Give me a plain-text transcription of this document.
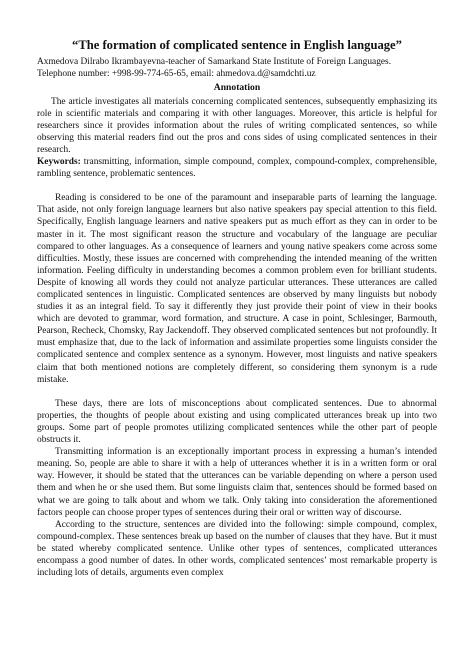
“The formation of complicated sentence in English language”
Axmedova Dilrabo Ikrambayevna-teacher of Samarkand State Institute of Foreign Languages.
Telephone number: +998-99-774-65-65, email: ahmedova.d@samdchti.uz
Annotation

The article investigates all materials concerning complicated sentences, subsequently emphasizing its role in scientific materials and comparing it with other languages. Moreover, this article is helpful for researchers since it provides information about the rules of writing complicated sentences, so while observing this material readers find out the pros and cons sides of using complicated sentences in their research.

Keywords: transmitting, information, simple compound, complex, compound-complex, comprehensible, rambling sentence, problematic sentences.

Reading is considered to be one of the paramount and inseparable parts of learning the language. That aside, not only foreign language learners but also native speakers pay special attention to this field. Specifically, English language learners and native speakers put as much effort as they can in order to be master in it. The most significant reason the structure and vocabulary of the language are peculiar compared to other languages. As a consequence of learners and young native speakers come across some difficulties. Mostly, these issues are concerned with comprehending the intended meaning of the written information. Feeling difficulty in understanding becomes a common problem even for brilliant students. Despite of knowing all words they could not analyze particular utterances. These utterances are called complicated sentences in linguistic. Complicated sentences are observed by many linguists but nobody studies it as an integral field. To say it differently they just provide their point of view in their books which are devoted to grammar, word formation, and structure. A case in point, Schlesinger, Barmouth, Pearson, Recheck, Chomsky, Ray Jackendoff. They observed complicated sentences but not profoundly. It must emphasize that, due to the lack of information and assimilate properties some linguists consider the complicated sentence and complex sentence as a synonym. However, most linguists and native speakers claim that both mentioned notions are completely different, so considering them synonym is a rude mistake.

These days, there are lots of misconceptions about complicated sentences. Due to abnormal properties, the thoughts of people about existing and using complicated utterances break up into two groups. Some part of people promotes utilizing complicated sentences while the other part of people obstructs it.

Transmitting information is an exceptionally important process in expressing a human’s intended meaning. So, people are able to share it with a help of utterances whether it is in a written form or oral way. However, it should be stated that the utterances can be variable depending on where a person used them and when he or she used them. But some linguists claim that, sentences should be formed based on what we are going to talk about and whom we talk. Only taking into consideration the aforementioned factors people can choose proper types of sentences during their oral or written way of discourse.

According to the structure, sentences are divided into the following: simple compound, complex, compound-complex. These sentences break up based on the number of clauses that they have. But it must be stated whereby complicated sentence. Unlike other types of sentences, complicated utterances encompass a good number of dates. In other words, complicated sentences’ most remarkable property is including lots of details, arguments even complex
